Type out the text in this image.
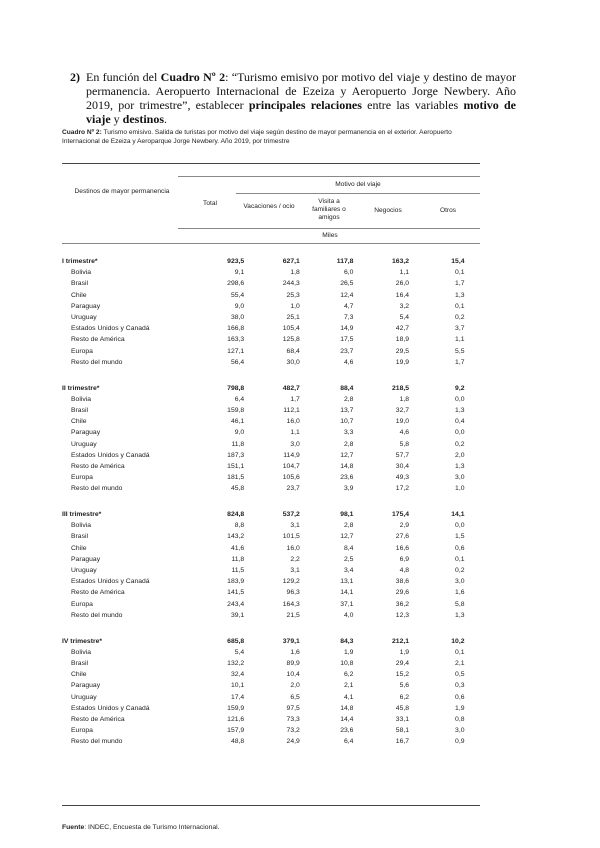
2) En función del Cuadro Nº 2: “Turismo emisivo por motivo del viaje y destino de mayor permanencia. Aeropuerto Internacional de Ezeiza y Aeropuerto Jorge Newbery. Año 2019, por trimestre”, establecer principales relaciones entre las variables motivo de viaje y destinos.
Cuadro Nº 2: Turismo emisivo. Salida de turistas por motivo del viaje según destino de mayor permanencia en el exterior. Aeropuerto Internacional de Ezeiza y Aeroparque Jorge Newbery. Año 2019, por trimestre
Destinos de mayor permanencia
Total
Motivo del viaje
Vacaciones / ocio
Visita a familiares o amigos
Negocios	Otros
Miles
I trimestre*	923,5	627,1	117,8	163,2	15,4	
Bolivia	9,1	1,8	6,0	1,1	0,1	
Brasil	298,6	244,3	26,5	26,0	1,7	
Chile	55,4	25,3	12,4	16,4	1,3	
Paraguay	9,0	1,0	4,7	3,2	0,1	
Uruguay	38,0	25,1	7,3	5,4	0,2	
Estados Unidos y Canadá	166,8	105,4	14,9	42,7	3,7	
Resto de América	163,3	125,8	17,5	18,9	1,1	
Europa	127,1	68,4	23,7	29,5	5,5	
Resto del mundo	56,4	30,0	4,6	19,9	1,7	

II trimestre*	798,8	482,7	88,4	218,5	9,2	
Bolivia	6,4	1,7	2,8	1,8	0,0	
Brasil	159,8	112,1	13,7	32,7	1,3	
Chile	46,1	16,0	10,7	19,0	0,4	
Paraguay	9,0	1,1	3,3	4,6	0,0	
Uruguay	11,8	3,0	2,8	5,8	0,2	
Estados Unidos y Canadá	187,3	114,9	12,7	57,7	2,0	
Resto de América	151,1	104,7	14,8	30,4	1,3	
Europa	181,5	105,6	23,6	49,3	3,0	
Resto del mundo	45,8	23,7	3,9	17,2	1,0	

III trimestre*	824,8	537,2	98,1	175,4	14,1	
Bolivia	8,8	3,1	2,8	2,9	0,0	
Brasil	143,2	101,5	12,7	27,6	1,5	
Chile	41,6	16,0	8,4	16,6	0,6	
Paraguay	11,8	2,2	2,5	6,9	0,1	
Uruguay	11,5	3,1	3,4	4,8	0,2	
Estados Unidos y Canadá	183,9	129,2	13,1	38,6	3,0	
Resto de América	141,5	96,3	14,1	29,6	1,6	
Europa	243,4	164,3	37,1	36,2	5,8	
Resto del mundo	39,1	21,5	4,0	12,3	1,3	

IV trimestre*	685,8	379,1	84,3	212,1	10,2	
Bolivia	5,4	1,6	1,9	1,9	0,1	
Brasil	132,2	89,9	10,8	29,4	2,1	
Chile	32,4	10,4	6,2	15,2	0,5	
Paraguay	10,1	2,0	2,1	5,6	0,3	
Uruguay	17,4	6,5	4,1	6,2	0,6	
Estados Unidos y Canadá	159,9	97,5	14,8	45,8	1,9	
Resto de América	121,6	73,3	14,4	33,1	0,8	
Europa	157,9	73,2	23,6	58,1	3,0	
Resto del mundo	48,8	24,9	6,4	16,7	0,9	
Fuente: INDEC, Encuesta de Turismo Internacional.
